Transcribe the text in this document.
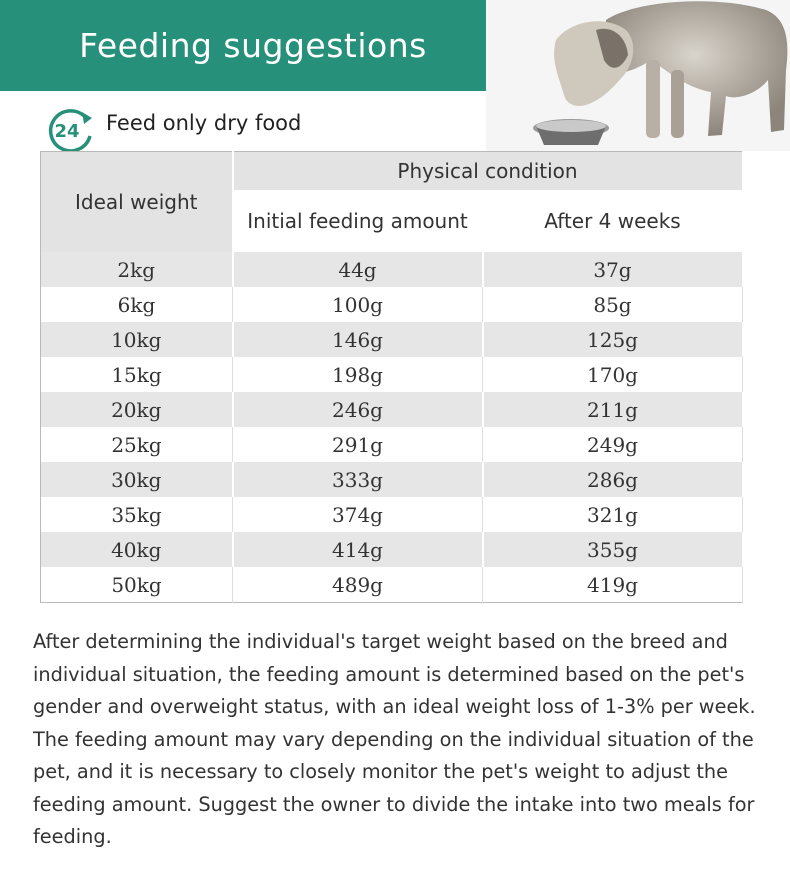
Feeding suggestions
24 Feed only dry food
Ideal weight	Physical condition	
	Initial feeding amount	After 4 weeks
2kg	44g	37g
6kg	100g	85g
10kg	146g	125g
15kg	198g	170g
20kg	246g	211g
25kg	291g	249g
30kg	333g	286g
35kg	374g	321g
40kg	414g	355g
50kg	489g	419g

After determining the individual's target weight based on the breed and individual situation, the feeding amount is determined based on the pet's gender and overweight status, with an ideal weight loss of 1-3% per week. The feeding amount may vary depending on the individual situation of the pet, and it is necessary to closely monitor the pet's weight to adjust the feeding amount. Suggest the owner to divide the intake into two meals for feeding.
